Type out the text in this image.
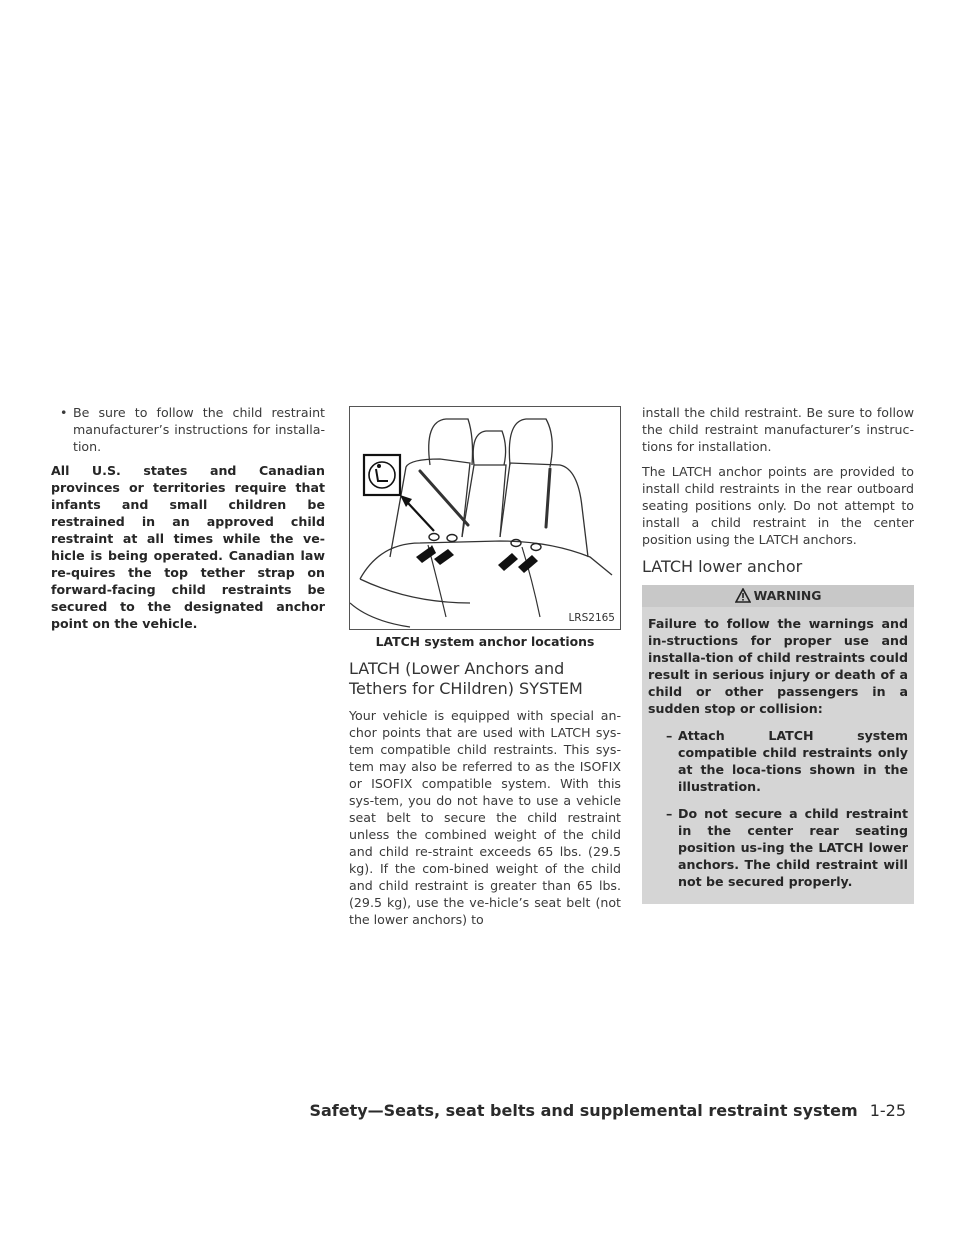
• Be sure to follow the child restraint manufacturer’s instructions for installa-tion.

All U.S. states and Canadian provinces or territories require that infants and small children be restrained in an approved child restraint at all times while the ve-hicle is being operated. Canadian law re-quires the top tether strap on forward-facing child restraints be secured to the designated anchor point on the vehicle.	LRS2165

LATCH system anchor locations

LATCH (Lower Anchors and Tethers for CHildren) SYSTEM

Your vehicle is equipped with special an-chor points that are used with LATCH sys-tem compatible child restraints. This sys-tem may also be referred to as the ISOFIX or ISOFIX compatible system. With this sys-tem, you do not have to use a vehicle seat belt to secure the child restraint unless the combined weight of the child and child re-straint exceeds 65 lbs. (29.5 kg). If the com-bined weight of the child and child restraint is greater than 65 lbs. (29.5 kg), use the ve-hicle’s seat belt (not the lower anchors) to

install the child restraint. Be sure to follow the child restraint manufacturer’s instruc-tions for installation.

The LATCH anchor points are provided to install child restraints in the rear outboard seating positions only. Do not attempt to install a child restraint in the center position using the LATCH anchors.

LATCH lower anchor

WARNING

Failure to follow the warnings and in-structions for proper use and installa-tion of child restraints could result in serious injury or death of a child or other passengers in a sudden stop or collision:

– Attach LATCH system compatible child restraints only at the loca-tions shown in the illustration.

– Do not secure a child restraint in the center rear seating position us-ing the LATCH lower anchors. The child restraint will not be secured properly.

Safety—Seats, seat belts and supplemental restraint system 1-25
